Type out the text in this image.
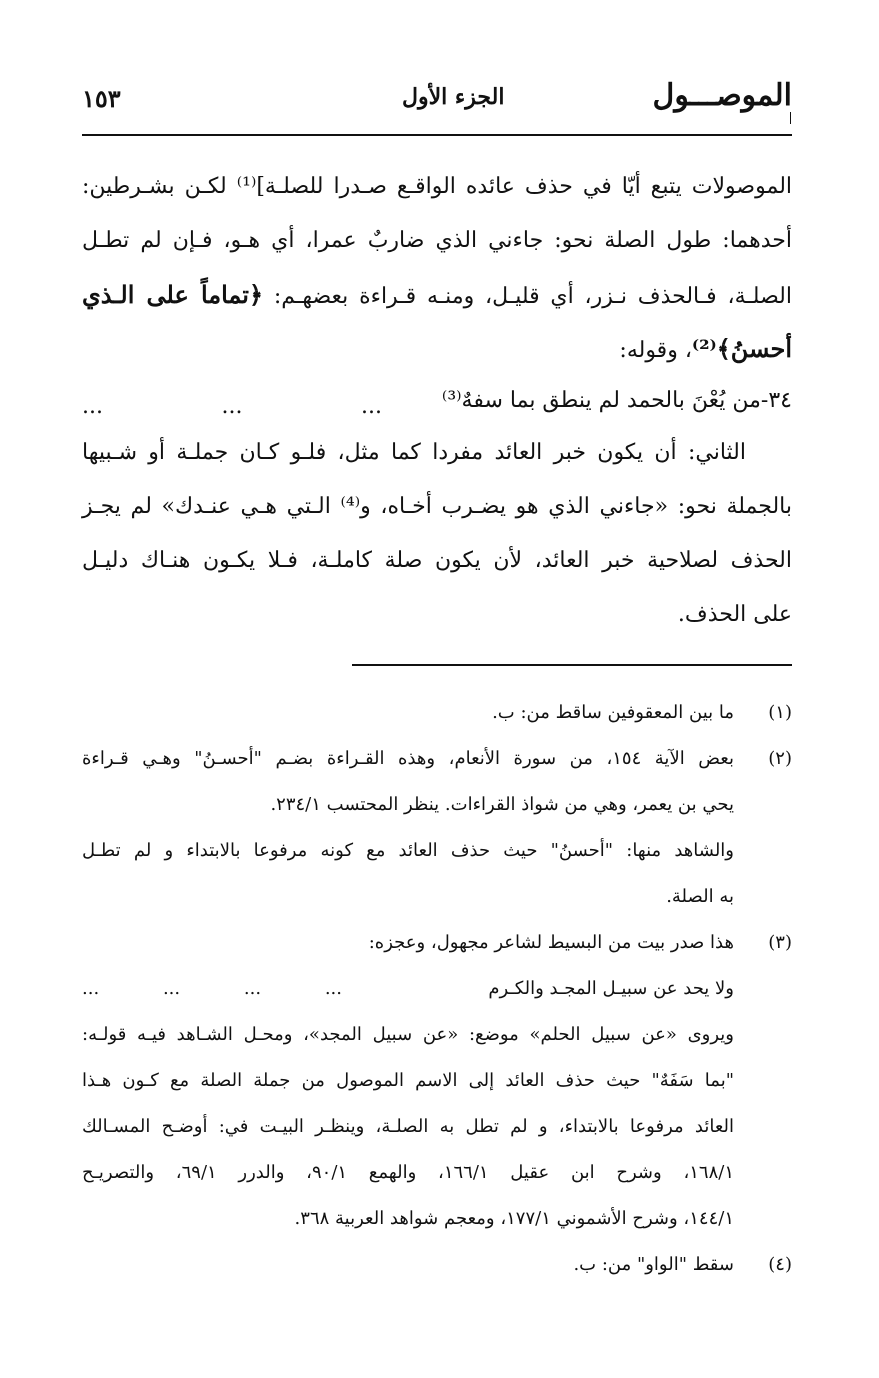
الموصـــول
الجزء الأول
١٥٣
الموصولات يتبع أيّا في حذف عائده الواقـع صـدرا للصلـة]⁽¹⁾ لكـن بشـرطين:
أحدهما: طول الصلة نحو: جاءني الذي ضاربٌ عمرا، أي هـو، فـإن لم تطـل
الصلـة، فـالحذف نـزر، أي قليـل، ومنـه قـراءة بعضهـم: ﴿تماماً على الـذي
أحسنُ﴾⁽²⁾، وقوله:
٣٤-من يُعْنَ بالحمد لم ينطق بما سفهٌ⁽³⁾
...	...	...
الثاني: أن يكون خبر العائد مفردا كما مثل، فلـو كـان جملـة أو شـبيها
بالجملة نحو: «جاءني الذي هو يضـرب أخـاه، و⁽⁴⁾ الـتي هـي عنـدك» لم يجـز
الحذف لصلاحية خبر العائد، لأن يكون صلة كاملـة، فـلا يكـون هنـاك دليـل
على الحذف.
(١)
ما بين المعقوفين ساقط من: ب.
(٢)
بعض الآية ١٥٤، من سورة الأنعام، وهذه القـراءة بضـم "أحسـنُ" وهـي قـراءة
يحي بن يعمر، وهي من شواذ القراءات. ينظر المحتسب ٢٣٤/١.
والشاهد منها: "أحسنُ" حيث حذف العائد مع كونه مرفوعا بالابتداء و لم تطـل
به الصلة.
(٣)
هذا صدر بيت من البسيط لشاعر مجهول، وعجزه:
ولا يحد عن سبيـل المجـد والكـرم
...	...	...	...
ويروى «عن سبيل الحلم» موضع: «عن سبيل المجد»، ومحـل الشـاهد فيـه قولـه:
"بما سَفَهٌ" حيث حذف العائد إلى الاسم الموصول من جملة الصلة مع كـون هـذا
العائد مرفوعا بالابتداء، و لم تطل به الصلـة، وينظـر البيـت في: أوضـح المسـالك
١٦٨/١، وشرح ابن عقيل ١٦٦/١، والهمع ٩٠/١، والدرر ٦٩/١، والتصريـح
١٤٤/١، وشرح الأشموني ١٧٧/١، ومعجم شواهد العربية ٣٦٨.
(٤)
سقط "الواو" من: ب.
